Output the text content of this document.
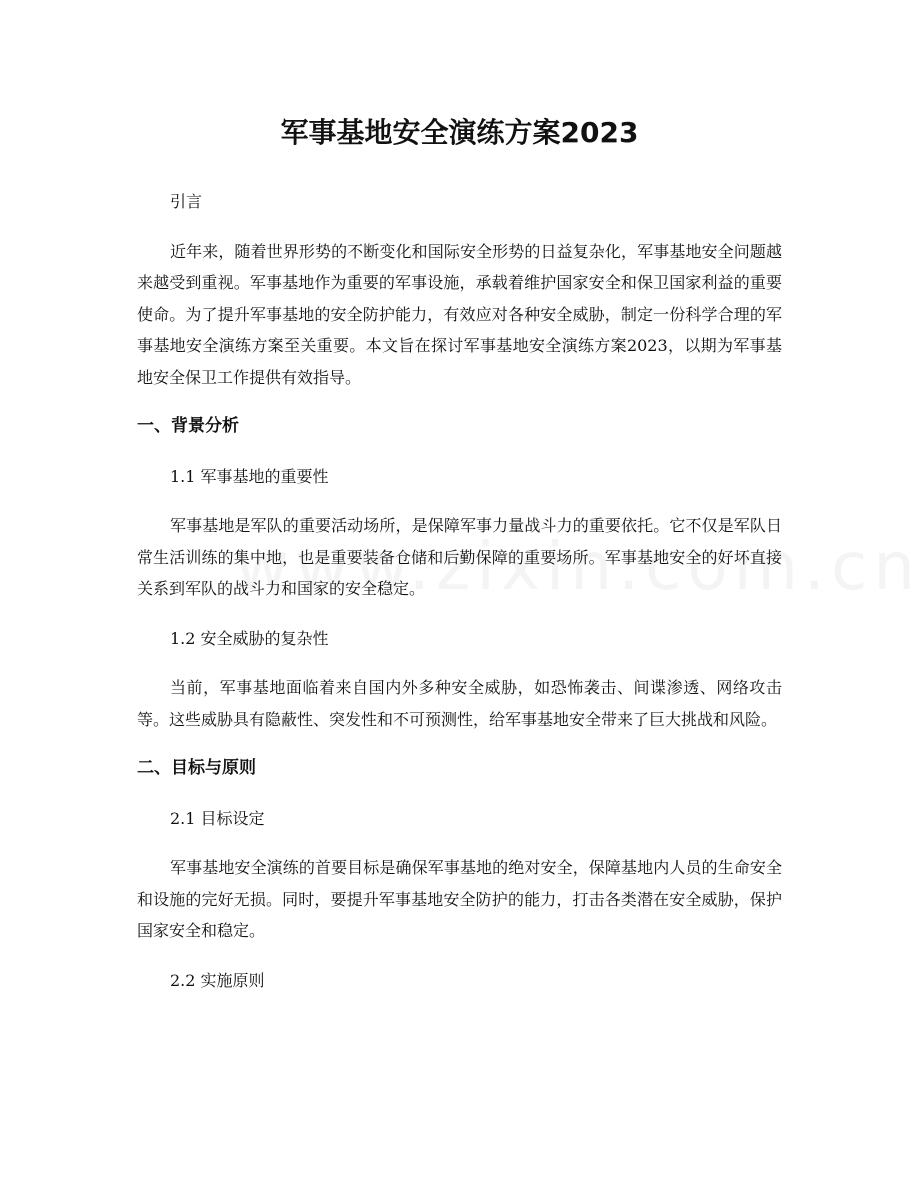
军事基地安全演练方案2023

引言

近年来，随着世界形势的不断变化和国际安全形势的日益复杂化，军事基地安全问题越来越受到重视。军事基地作为重要的军事设施，承载着维护国家安全和保卫国家利益的重要使命。为了提升军事基地的安全防护能力，有效应对各种安全威胁，制定一份科学合理的军事基地安全演练方案至关重要。本文旨在探讨军事基地安全演练方案2023，以期为军事基地安全保卫工作提供有效指导。

一、背景分析

1.1 军事基地的重要性

军事基地是军队的重要活动场所，是保障军事力量战斗力的重要依托。它不仅是军队日常生活训练的集中地，也是重要装备仓储和后勤保障的重要场所。军事基地安全的好坏直接关系到军队的战斗力和国家的安全稳定。

1.2 安全威胁的复杂性

当前，军事基地面临着来自国内外多种安全威胁，如恐怖袭击、间谍渗透、网络攻击等。这些威胁具有隐蔽性、突发性和不可预测性，给军事基地安全带来了巨大挑战和风险。

二、目标与原则

2.1 目标设定

军事基地安全演练的首要目标是确保军事基地的绝对安全，保障基地内人员的生命安全和设施的完好无损。同时，要提升军事基地安全防护的能力，打击各类潜在安全威胁，保护国家安全和稳定。

2.2 实施原则
